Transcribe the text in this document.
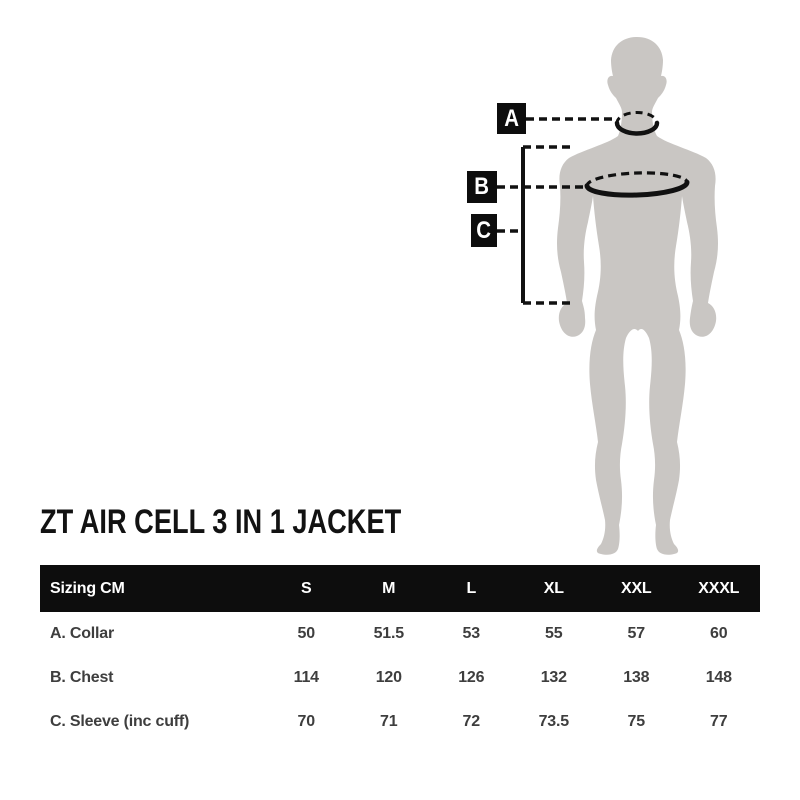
A
B
C
ZT AIR CELL 3 IN 1 JACKET
Sizing CM	S	M	L	XL	XXL	XXXL
A. Collar	50	51.5	53	55	57	60
B. Chest	114	120	126	132	138	148
C. Sleeve (inc cuff)	70	71	72	73.5	75	77
